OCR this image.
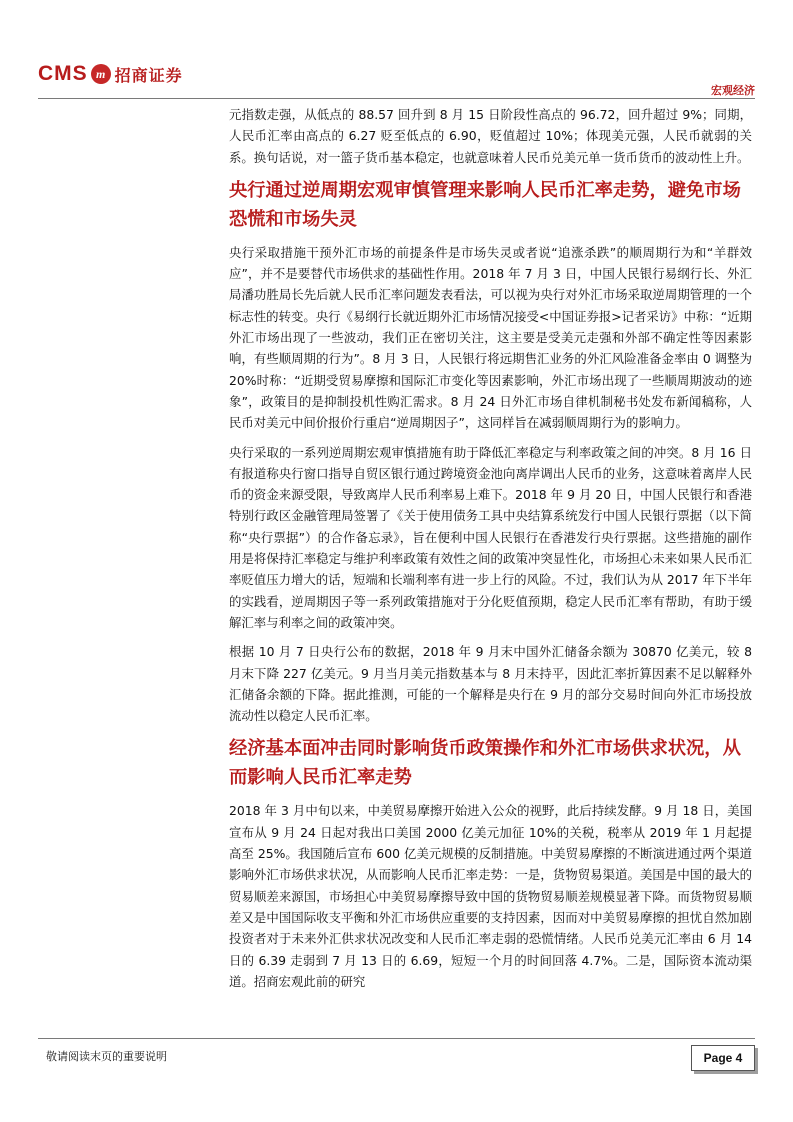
CMS m 招商证券
宏观经济

元指数走强，从低点的 88.57 回升到 8 月 15 日阶段性高点的 96.72，回升超过 9%；同期，人民币汇率由高点的 6.27 贬至低点的 6.90，贬值超过 10%；体现美元强，人民币就弱的关系。换句话说，对一篮子货币基本稳定，也就意味着人民币兑美元单一货币货币的波动性上升。

央行通过逆周期宏观审慎管理来影响人民币汇率走势，避免市场恐慌和市场失灵

央行采取措施干预外汇市场的前提条件是市场失灵或者说“追涨杀跌”的顺周期行为和“羊群效应”，并不是要替代市场供求的基础性作用。2018 年 7 月 3 日，中国人民银行易纲行长、外汇局潘功胜局长先后就人民币汇率问题发表看法，可以视为央行对外汇市场采取逆周期管理的一个标志性的转变。央行《易纲行长就近期外汇市场情况接受<中国证券报>记者采访》中称：“近期外汇市场出现了一些波动，我们正在密切关注，这主要是受美元走强和外部不确定性等因素影响，有些顺周期的行为”。8 月 3 日，人民银行将远期售汇业务的外汇风险准备金率由 0 调整为 20%时称：“近期受贸易摩擦和国际汇市变化等因素影响，外汇市场出现了一些顺周期波动的迹象”，政策目的是抑制投机性购汇需求。8 月 24 日外汇市场自律机制秘书处发布新闻稿称，人民币对美元中间价报价行重启“逆周期因子”，这同样旨在减弱顺周期行为的影响力。

央行采取的一系列逆周期宏观审慎措施有助于降低汇率稳定与利率政策之间的冲突。8 月 16 日有报道称央行窗口指导自贸区银行通过跨境资金池向离岸调出人民币的业务，这意味着离岸人民币的资金来源受限，导致离岸人民币利率易上难下。2018 年 9 月 20 日，中国人民银行和香港特别行政区金融管理局签署了《关于使用债务工具中央结算系统发行中国人民银行票据（以下简称“央行票据”）的合作备忘录》，旨在便利中国人民银行在香港发行央行票据。这些措施的副作用是将保持汇率稳定与维护利率政策有效性之间的政策冲突显性化，市场担心未来如果人民币汇率贬值压力增大的话，短端和长端利率有进一步上行的风险。不过，我们认为从 2017 年下半年的实践看，逆周期因子等一系列政策措施对于分化贬值预期，稳定人民币汇率有帮助，有助于缓解汇率与利率之间的政策冲突。

根据 10 月 7 日央行公布的数据，2018 年 9 月末中国外汇储备余额为 30870 亿美元，较 8 月末下降 227 亿美元。9 月当月美元指数基本与 8 月末持平，因此汇率折算因素不足以解释外汇储备余额的下降。据此推测，可能的一个解释是央行在 9 月的部分交易时间向外汇市场投放流动性以稳定人民币汇率。

经济基本面冲击同时影响货币政策操作和外汇市场供求状况，从而影响人民币汇率走势

2018 年 3 月中旬以来，中美贸易摩擦开始进入公众的视野，此后持续发酵。9 月 18 日，美国宣布从 9 月 24 日起对我出口美国 2000 亿美元加征 10%的关税，税率从 2019 年 1 月起提高至 25%。我国随后宣布 600 亿美元规模的反制措施。中美贸易摩擦的不断演进通过两个渠道影响外汇市场供求状况，从而影响人民币汇率走势：一是，货物贸易渠道。美国是中国的最大的贸易顺差来源国，市场担心中美贸易摩擦导致中国的货物贸易顺差规模显著下降。而货物贸易顺差又是中国国际收支平衡和外汇市场供应重要的支持因素，因而对中美贸易摩擦的担忧自然加剧投资者对于未来外汇供求状况改变和人民币汇率走弱的恐慌情绪。人民币兑美元汇率由 6 月 14 日的 6.39 走弱到 7 月 13 日的 6.69，短短一个月的时间回落 4.7%。二是，国际资本流动渠道。招商宏观此前的研究

敬请阅读末页的重要说明	Page 4
